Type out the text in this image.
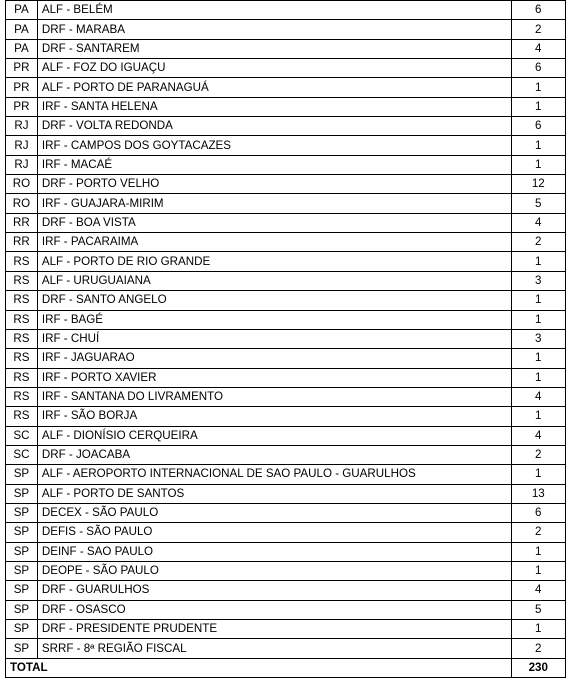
PA	ALF - BELÉM	6
PA	DRF - MARABA	2
PA	DRF - SANTAREM	4
PR	ALF - FOZ DO IGUAÇU	6
PR	ALF - PORTO DE PARANAGUÁ	1
PR	IRF - SANTA HELENA	1
RJ	DRF - VOLTA REDONDA	6
RJ	IRF - CAMPOS DOS GOYTACAZES	1
RJ	IRF - MACAÉ	1
RO	DRF - PORTO VELHO	12
RO	IRF - GUAJARA-MIRIM	5
RR	DRF - BOA VISTA	4
RR	IRF - PACARAIMA	2
RS	ALF - PORTO DE RIO GRANDE	1
RS	ALF - URUGUAIANA	3
RS	DRF - SANTO ANGELO	1
RS	IRF - BAGÉ	1
RS	IRF - CHUÍ	3
RS	IRF - JAGUARAO	1
RS	IRF - PORTO XAVIER	1
RS	IRF - SANTANA DO LIVRAMENTO	4
RS	IRF - SÃO BORJA	1
SC	ALF - DIONÍSIO CERQUEIRA	4
SC	DRF - JOACABA	2
SP	ALF - AEROPORTO INTERNACIONAL DE SAO PAULO - GUARULHOS	1
SP	ALF - PORTO DE SANTOS	13
SP	DECEX - SÃO PAULO	6
SP	DEFIS - SÃO PAULO	2
SP	DEINF - SAO PAULO	1
SP	DEOPE - SÃO PAULO	1
SP	DRF - GUARULHOS	4
SP	DRF - OSASCO	5
SP	DRF - PRESIDENTE PRUDENTE	1
SP	SRRF - 8ª REGIÃO FISCAL	2
TOTAL		230
